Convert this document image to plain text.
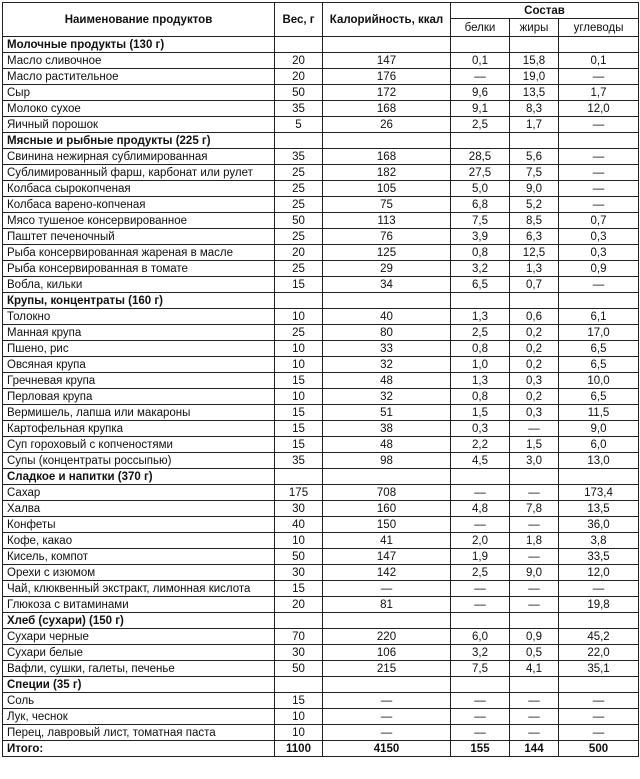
Наименование продуктов	Вес, г	Калорийность, ккал	Состав		
			белки	жиры	углеводы
Молочные продукты (130 г)					
Масло сливочное	20	147	0,1	15,8	0,1
Масло растительное	20	176	—	19,0	—
Сыр	50	172	9,6	13,5	1,7
Молоко сухое	35	168	9,1	8,3	12,0
Яичный порошок	5	26	2,5	1,7	—
Мясные и рыбные продукты (225 г)					
Свинина нежирная сублимированная	35	168	28,5	5,6	—
Сублимированный фарш, карбонат или рулет	25	182	27,5	7,5	—
Колбаса сырокопченая	25	105	5,0	9,0	—
Колбаса варено-копченая	25	75	6,8	5,2	—
Мясо тушеное консервированное	50	113	7,5	8,5	0,7
Паштет печеночный	25	76	3,9	6,3	0,3
Рыба консервированная жареная в масле	20	125	0,8	12,5	0,3
Рыба консервированная в томате	25	29	3,2	1,3	0,9
Вобла, кильки	15	34	6,5	0,7	—
Крупы, концентраты (160 г)					
Толокно	10	40	1,3	0,6	6,1
Манная крупа	25	80	2,5	0,2	17,0
Пшено, рис	10	33	0,8	0,2	6,5
Овсяная крупа	10	32	1,0	0,2	6,5
Гречневая крупа	15	48	1,3	0,3	10,0
Перловая крупа	10	32	0,8	0,2	6,5
Вермишель, лапша или макароны	15	51	1,5	0,3	11,5
Картофельная крупка	15	38	0,3	—	9,0
Суп гороховый с копченостями	15	48	2,2	1,5	6,0
Супы (концентраты россыпью)	35	98	4,5	3,0	13,0
Сладкое и напитки (370 г)					
Сахар	175	708	—	—	173,4
Халва	30	160	4,8	7,8	13,5
Конфеты	40	150	—	—	36,0
Кофе, какао	10	41	2,0	1,8	3,8
Кисель, компот	50	147	1,9	—	33,5
Орехи с изюмом	30	142	2,5	9,0	12,0
Чай, клюквенный экстракт, лимонная кислота	15	—	—	—	—
Глюкоза с витаминами	20	81	—	—	19,8
Хлеб (сухари) (150 г)					
Сухари черные	70	220	6,0	0,9	45,2
Сухари белые	30	106	3,2	0,5	22,0
Вафли, сушки, галеты, печенье	50	215	7,5	4,1	35,1
Специи (35 г)					
Соль	15	—	—	—	—
Лук, чеснок	10	—	—	—	—
Перец, лавровый лист, томатная паста	10	—	—	—	—
Итого:	1100	4150	155	144	500
